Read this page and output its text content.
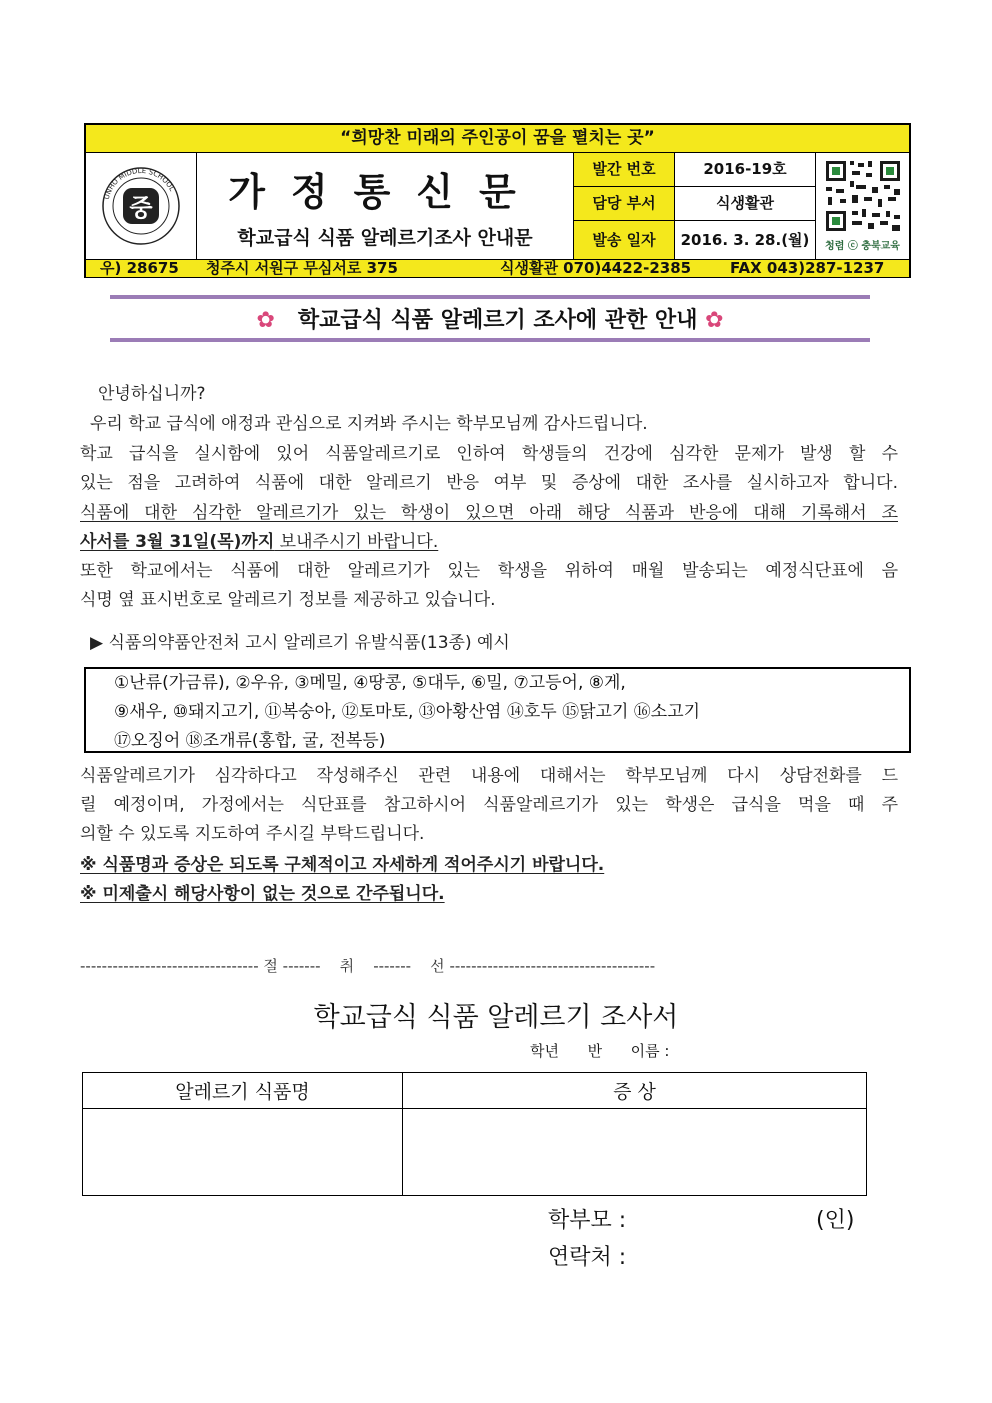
“희망찬 미래의 주인공이 꿈을 펼치는 곳”
UNHO MIDDLE SCHOOL
중	가정통신문
학교급식 식품 알레르기조사 안내문
발간 번호	2016-19호
담당 부서	식생활관
발송 일자	2016. 3. 28.(월)	청렴 ⓒ 충북교육
우) 28675 청주시 서원구 무심서로 375	식생활관 070)4422-2385	FAX 043)287-1237
✿ 학교급식 식품 알레르기 조사에 관한 안내 ✿
안녕하십니까?
우리 학교 급식에 애정과 관심으로 지켜봐 주시는 학부모님께 감사드립니다.
학교 급식을 실시함에 있어 식품알레르기로 인하여 학생들의 건강에 심각한 문제가 발생 할 수
있는 점을 고려하여 식품에 대한 알레르기 반응 여부 및 증상에 대한 조사를 실시하고자 합니다.
식품에 대한 심각한 알레르기가 있는 학생이 있으면 아래 해당 식품과 반응에 대해 기록해서 조
사서를 3월 31일(목)까지 보내주시기 바랍니다.
또한 학교에서는 식품에 대한 알레르기가 있는 학생을 위하여 매월 발송되는 예정식단표에 음
식명 옆 표시번호로 알레르기 정보를 제공하고 있습니다.
▶ 식품의약품안전처 고시 알레르기 유발식품(13종) 예시
①난류(가금류), ②우유, ③메밀, ④땅콩, ⑤대두, ⑥밀, ⑦고등어, ⑧게,
⑨새우, ⑩돼지고기, ⑪복숭아, ⑫토마토, ⑬아황산염 ⑭호두 ⑮닭고기 ⑯소고기
⑰오징어 ⑱조개류(홍합, 굴, 전복등)
식품알레르기가 심각하다고 작성해주신 관련 내용에 대해서는 학부모님께 다시 상담전화를 드
릴 예정이며, 가정에서는 식단표를 참고하시어 식품알레르기가 있는 학생은 급식을 먹을 때 주
의할 수 있도록 지도하여 주시길 부탁드립니다.
※ 식품명과 증상은 되도록 구체적이고 자세하게 적어주시기 바랍니다.
※ 미제출시 해당사항이 없는 것으로 간주됩니다.
--------------------------------- 절 -------    취    -------    선 --------------------------------------
학교급식 식품 알레르기 조사서
학년      반      이름 :
알레르기 식품명	증 상

학부모 :	(인)
연락처 :
